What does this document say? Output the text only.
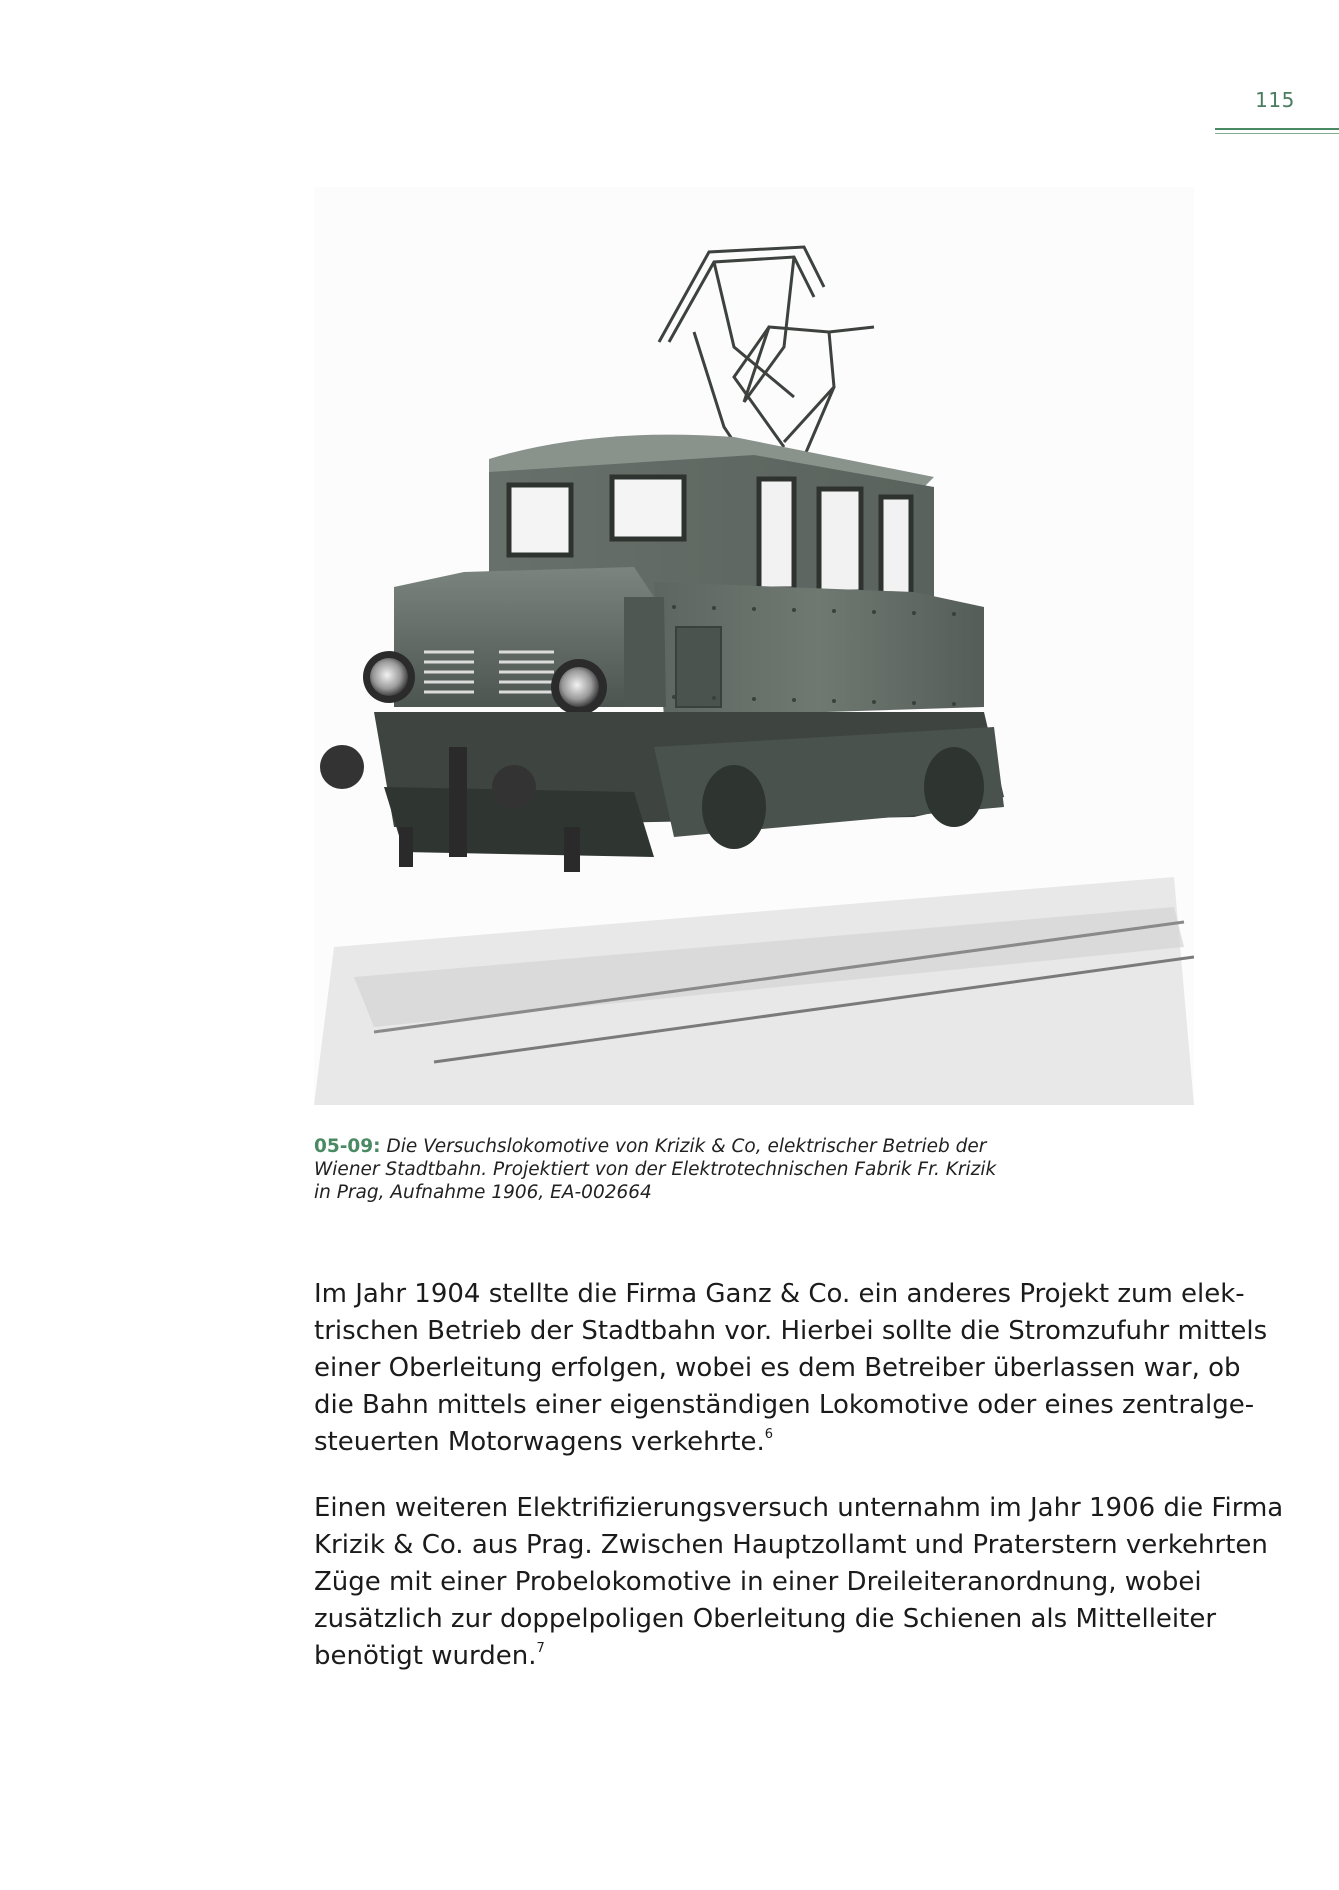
115
05-09: Die Versuchslokomotive von Krizik & Co, elektrischer Betrieb der
Wiener Stadtbahn. Projektiert von der Elektrotechnischen Fabrik Fr. Krizik
in Prag, Aufnahme 1906, EA-002664
Im Jahr 1904 stellte die Firma Ganz & Co. ein anderes Projekt zum elek-
trischen Betrieb der Stadtbahn vor. Hierbei sollte die Stromzufuhr mittels
einer Oberleitung erfolgen, wobei es dem Betreiber überlassen war, ob
die Bahn mittels einer eigenständigen Lokomotive oder eines zentralge-
steuerten Motorwagens verkehrte.$^6$
Einen weiteren Elektrifizierungsversuch unternahm im Jahr 1906 die Firma
Krizik & Co. aus Prag. Zwischen Hauptzollamt und Praterstern verkehrten
Züge mit einer Probelokomotive in einer Dreileiteranordnung, wobei
zusätzlich zur doppelpoligen Oberleitung die Schienen als Mittelleiter
benötigt wurden.$^7$
